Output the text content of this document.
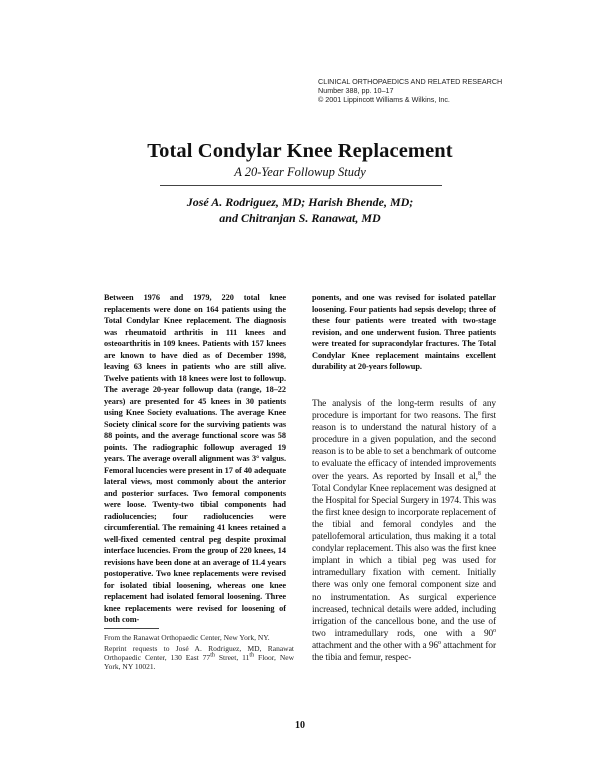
CLINICAL ORTHOPAEDICS AND RELATED RESEARCH
Number 388, pp. 10–17
© 2001 Lippincott Williams & Wilkins, Inc.
Total Condylar Knee Replacement
A 20-Year Followup Study
José A. Rodriguez, MD; Harish Bhende, MD;
and Chitranjan S. Ranawat, MD
Between 1976 and 1979, 220 total knee replacements were done on 164 patients using the Total Condylar Knee replacement. The diagnosis was rheumatoid arthritis in 111 knees and osteoarthritis in 109 knees. Patients with 157 knees are known to have died as of December 1998, leaving 63 knees in patients who are still alive. Twelve patients with 18 knees were lost to followup. The average 20-year followup data (range, 18–22 years) are presented for 45 knees in 30 patients using Knee Society evaluations. The average Knee Society clinical score for the surviving patients was 88 points, and the average functional score was 58 points. The radiographic followup averaged 19 years. The average overall alignment was 3° valgus. Femoral lucencies were present in 17 of 40 adequate lateral views, most commonly about the anterior and posterior surfaces. Two femoral components were loose. Twenty-two tibial components had radiolucencies; four radiolucencies were circumferential. The remaining 41 knees retained a well-fixed cemented central peg despite proximal interface lucencies. From the group of 220 knees, 14 revisions have been done at an average of 11.4 years postoperative. Two knee replacements were revised for isolated tibial loosening, whereas one knee replacement had isolated femoral loosening. Three knee replacements were revised for loosening of both com-
ponents, and one was revised for isolated patellar loosening. Four patients had sepsis develop; three of these four patients were treated with two-stage revision, and one underwent fusion. Three patients were treated for supracondylar fractures. The Total Condylar Knee replacement maintains excellent durability at 20-years followup.
The analysis of the long-term results of any procedure is important for two reasons. The first reason is to understand the natural history of a procedure in a given population, and the second reason is to be able to set a benchmark of outcome to evaluate the efficacy of intended improvements over the years. As reported by Insall et al,$^8$ the Total Condylar Knee replacement was designed at the Hospital for Special Surgery in 1974. This was the first knee design to incorporate replacement of the tibial and femoral condyles and the patellofemoral articulation, thus making it a total condylar replacement. This also was the first knee implant in which a tibial peg was used for intramedullary fixation with cement. Initially there was only one femoral component size and no instrumentation. As surgical experience increased, technical details were added, including irrigation of the cancellous bone, and the use of two intramedullary rods, one with a 90$^o$ attachment and the other with a 96$^o$ attachment for the tibia and femur, respec-
From the Ranawat Orthopaedic Center, New York, NY.
Reprint requests to José A. Rodriguez, MD, Ranawat Orthopaedic Center, 130 East 77th Street, 11th Floor, New York, NY 10021.
10
